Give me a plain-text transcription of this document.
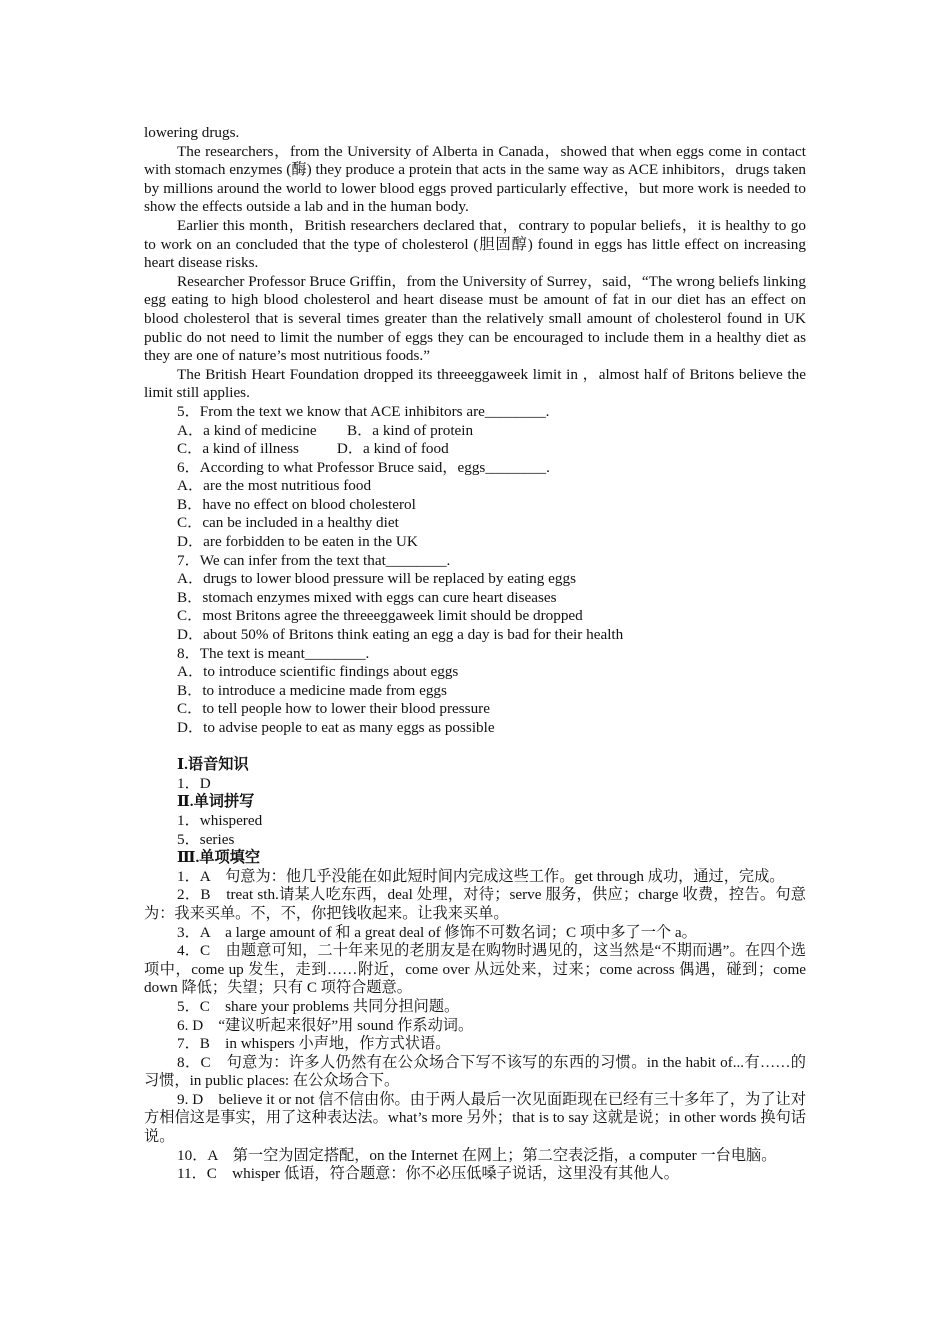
lowering drugs.

The researchers，from the University of Alberta in Canada，showed that when eggs come in contact with stomach enzymes (酶) they produce a protein that acts in the same way as ACE inhibitors，drugs taken by millions around the world to lower blood eggs proved particularly effective，but more work is needed to show the effects outside a lab and in the human body.

Earlier this month，British researchers declared that，contrary to popular beliefs，it is healthy to go to work on an concluded that the type of cholesterol (胆固醇) found in eggs has little effect on increasing heart disease risks.

Researcher Professor Bruce Griffin，from the University of Surrey，said，“The wrong beliefs linking egg eating to high blood cholesterol and heart disease must be amount of fat in our diet has an effect on blood cholesterol that is several times greater than the relatively small amount of cholesterol found in UK public do not need to limit the number of eggs they can be encouraged to include them in a healthy diet as they are one of nature’s most nutritious foods.”

The British Heart Foundation dropped its threeeggaweek limit in ，almost half of Britons believe the limit still applies.

5．From the text we know that ACE inhibitors are________.

A．a kind of medicine        B．a kind of protein

C．a kind of illness          D．a kind of food

6．According to what Professor Bruce said，eggs________.

A．are the most nutritious food

B．have no effect on blood cholesterol

C．can be included in a healthy diet

D．are forbidden to be eaten in the UK

7．We can infer from the text that________.

A．drugs to lower blood pressure will be replaced by eating eggs

B．stomach enzymes mixed with eggs can cure heart diseases

C．most Britons agree the threeeggaweek limit should be dropped

D．about 50% of Britons think eating an egg a day is bad for their health

8．The text is meant________.

A．to introduce scientific findings about eggs

B．to introduce a medicine made from eggs

C．to tell people how to lower their blood pressure

D．to advise people to eat as many eggs as possible

Ⅰ.语音知识

1．D

Ⅱ.单词拼写

1．whispered

5．series

Ⅲ.单项填空

1．A　句意为：他几乎没能在如此短时间内完成这些工作。get through 成功，通过，完成。

2．B　treat sth.请某人吃东西，deal 处理，对待；serve 服务，供应；charge 收费，控告。句意为：我来买单。不，不，你把钱收起来。让我来买单。

3．A　a large amount of 和 a great deal of 修饰不可数名词；C 项中多了一个 a。

4．C　由题意可知，二十年来见的老朋友是在购物时遇见的，这当然是“不期而遇”。在四个选项中，come up 发生，走到……附近，come over 从远处来，过来；come across 偶遇，碰到；come down 降低；失望；只有 C 项符合题意。

5．C　share your problems 共同分担问题。

6. D　“建议听起来很好”用 sound 作系动词。

7．B　in whispers 小声地，作方式状语。

8．C　句意为：许多人仍然有在公众场合下写不该写的东西的习惯。in the habit of...有……的习惯，in public places: 在公众场合下。

9. D　believe it or not 信不信由你。由于两人最后一次见面距现在已经有三十多年了，为了让对方相信这是事实，用了这种表达法。what’s more 另外；that is to say 这就是说；in other words 换句话说。

10．A　第一空为固定搭配，on the Internet 在网上；第二空表泛指，a computer 一台电脑。

11．C　whisper 低语，符合题意：你不必压低嗓子说话，这里没有其他人。
